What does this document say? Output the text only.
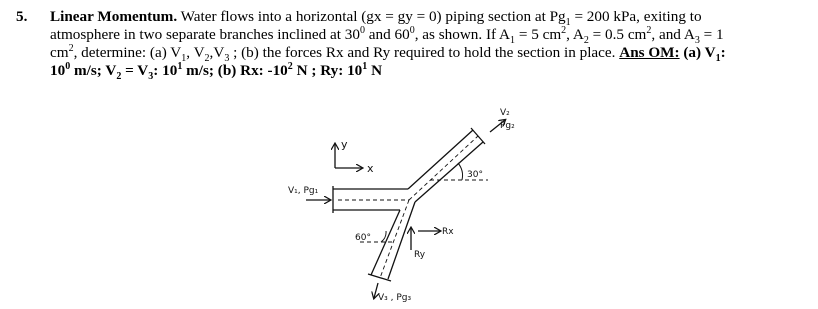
5. Linear Momentum. Water flows into a horizontal (gx = gy = 0) piping section at $Pg_1 = 200$ kPa, exiting to
atmosphere in two separate branches inclined at $30^0$ and $60^0$, as shown. If $A_1 = 5$ $cm^2$, $A_2 = 0.5$ $cm^2$, and $A_3 = 1$
$cm^2$, determine: (a) $V_1$, $V_2,V_3$ ; (b) the forces Rx and Ry required to hold the section in place. Ans OM: (a) $V_1$:
$10^0$ m/s; $V_2 = V_3$: $10^1$ m/s; (b) Rx: $-10^2$ N ; Ry: $10^1$ N
y
x	30°
60°
V₁, Pg₁
V₂
Pg₂
V₃ , Pg₃
Rx
Ry
